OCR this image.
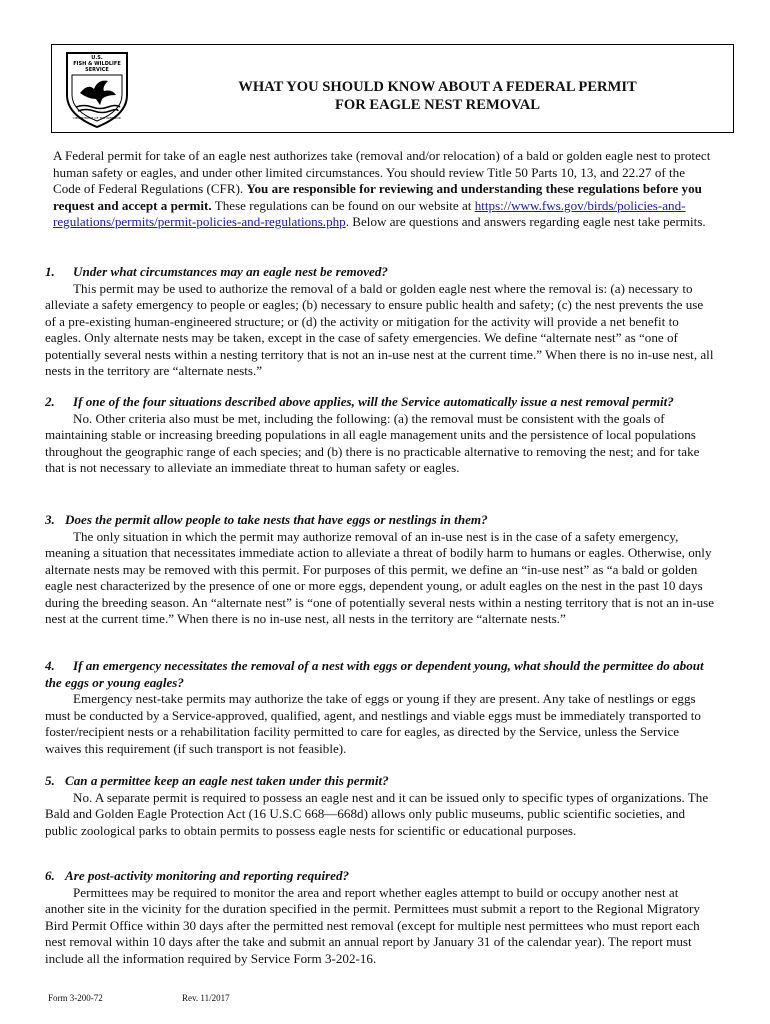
U.S.
FISH & WILDLIFE
SERVICE
DEPARTMENT OF THE INTERIOR
WHAT YOU SHOULD KNOW ABOUT A FEDERAL PERMIT
FOR EAGLE NEST REMOVAL

A Federal permit for take of an eagle nest authorizes take (removal and/or relocation) of a bald or golden eagle nest to protect human safety or eagles, and under other limited circumstances. You should review Title 50 Parts 10, 13, and 22.27 of the Code of Federal Regulations (CFR). You are responsible for reviewing and understanding these regulations before you request and accept a permit. These regulations can be found on our website at https://www.fws.gov/birds/policies-and-regulations/permits/permit-policies-and-regulations.php. Below are questions and answers regarding eagle nest take permits.

1. Under what circumstances may an eagle nest be removed?

This permit may be used to authorize the removal of a bald or golden eagle nest where the removal is: (a) necessary to alleviate a safety emergency to people or eagles; (b) necessary to ensure public health and safety; (c) the nest prevents the use of a pre-existing human-engineered structure; or (d) the activity or mitigation for the activity will provide a net benefit to eagles. Only alternate nests may be taken, except in the case of safety emergencies. We define “alternate nest” as “one of potentially several nests within a nesting territory that is not an in-use nest at the current time.” When there is no in-use nest, all nests in the territory are “alternate nests.”

2. If one of the four situations described above applies, will the Service automatically issue a nest removal permit?

No. Other criteria also must be met, including the following: (a) the removal must be consistent with the goals of maintaining stable or increasing breeding populations in all eagle management units and the persistence of local populations throughout the geographic range of each species; and (b) there is no practicable alternative to removing the nest; and for take that is not necessary to alleviate an immediate threat to human safety or eagles.

3. Does the permit allow people to take nests that have eggs or nestlings in them?

The only situation in which the permit may authorize removal of an in-use nest is in the case of a safety emergency, meaning a situation that necessitates immediate action to alleviate a threat of bodily harm to humans or eagles. Otherwise, only alternate nests may be removed with this permit. For purposes of this permit, we define an “in-use nest” as “a bald or golden eagle nest characterized by the presence of one or more eggs, dependent young, or adult eagles on the nest in the past 10 days during the breeding season. An “alternate nest” is “one of potentially several nests within a nesting territory that is not an in-use nest at the current time.” When there is no in-use nest, all nests in the territory are “alternate nests.”

4. If an emergency necessitates the removal of a nest with eggs or dependent young, what should the permittee do about the eggs or young eagles?

Emergency nest-take permits may authorize the take of eggs or young if they are present. Any take of nestlings or eggs must be conducted by a Service-approved, qualified, agent, and nestlings and viable eggs must be immediately transported to foster/recipient nests or a rehabilitation facility permitted to care for eagles, as directed by the Service, unless the Service waives this requirement (if such transport is not feasible).

5. Can a permittee keep an eagle nest taken under this permit?

No. A separate permit is required to possess an eagle nest and it can be issued only to specific types of organizations. The Bald and Golden Eagle Protection Act (16 U.S.C 668—668d) allows only public museums, public scientific societies, and public zoological parks to obtain permits to possess eagle nests for scientific or educational purposes.

6. Are post-activity monitoring and reporting required?

Permittees may be required to monitor the area and report whether eagles attempt to build or occupy another nest at another site in the vicinity for the duration specified in the permit. Permittees must submit a report to the Regional Migratory Bird Permit Office within 30 days after the permitted nest removal (except for multiple nest permittees who must report each nest removal within 10 days after the take and submit an annual report by January 31 of the calendar year). The report must include all the information required by Service Form 3-202-16.

Form 3-200-72	Rev. 11/2017
